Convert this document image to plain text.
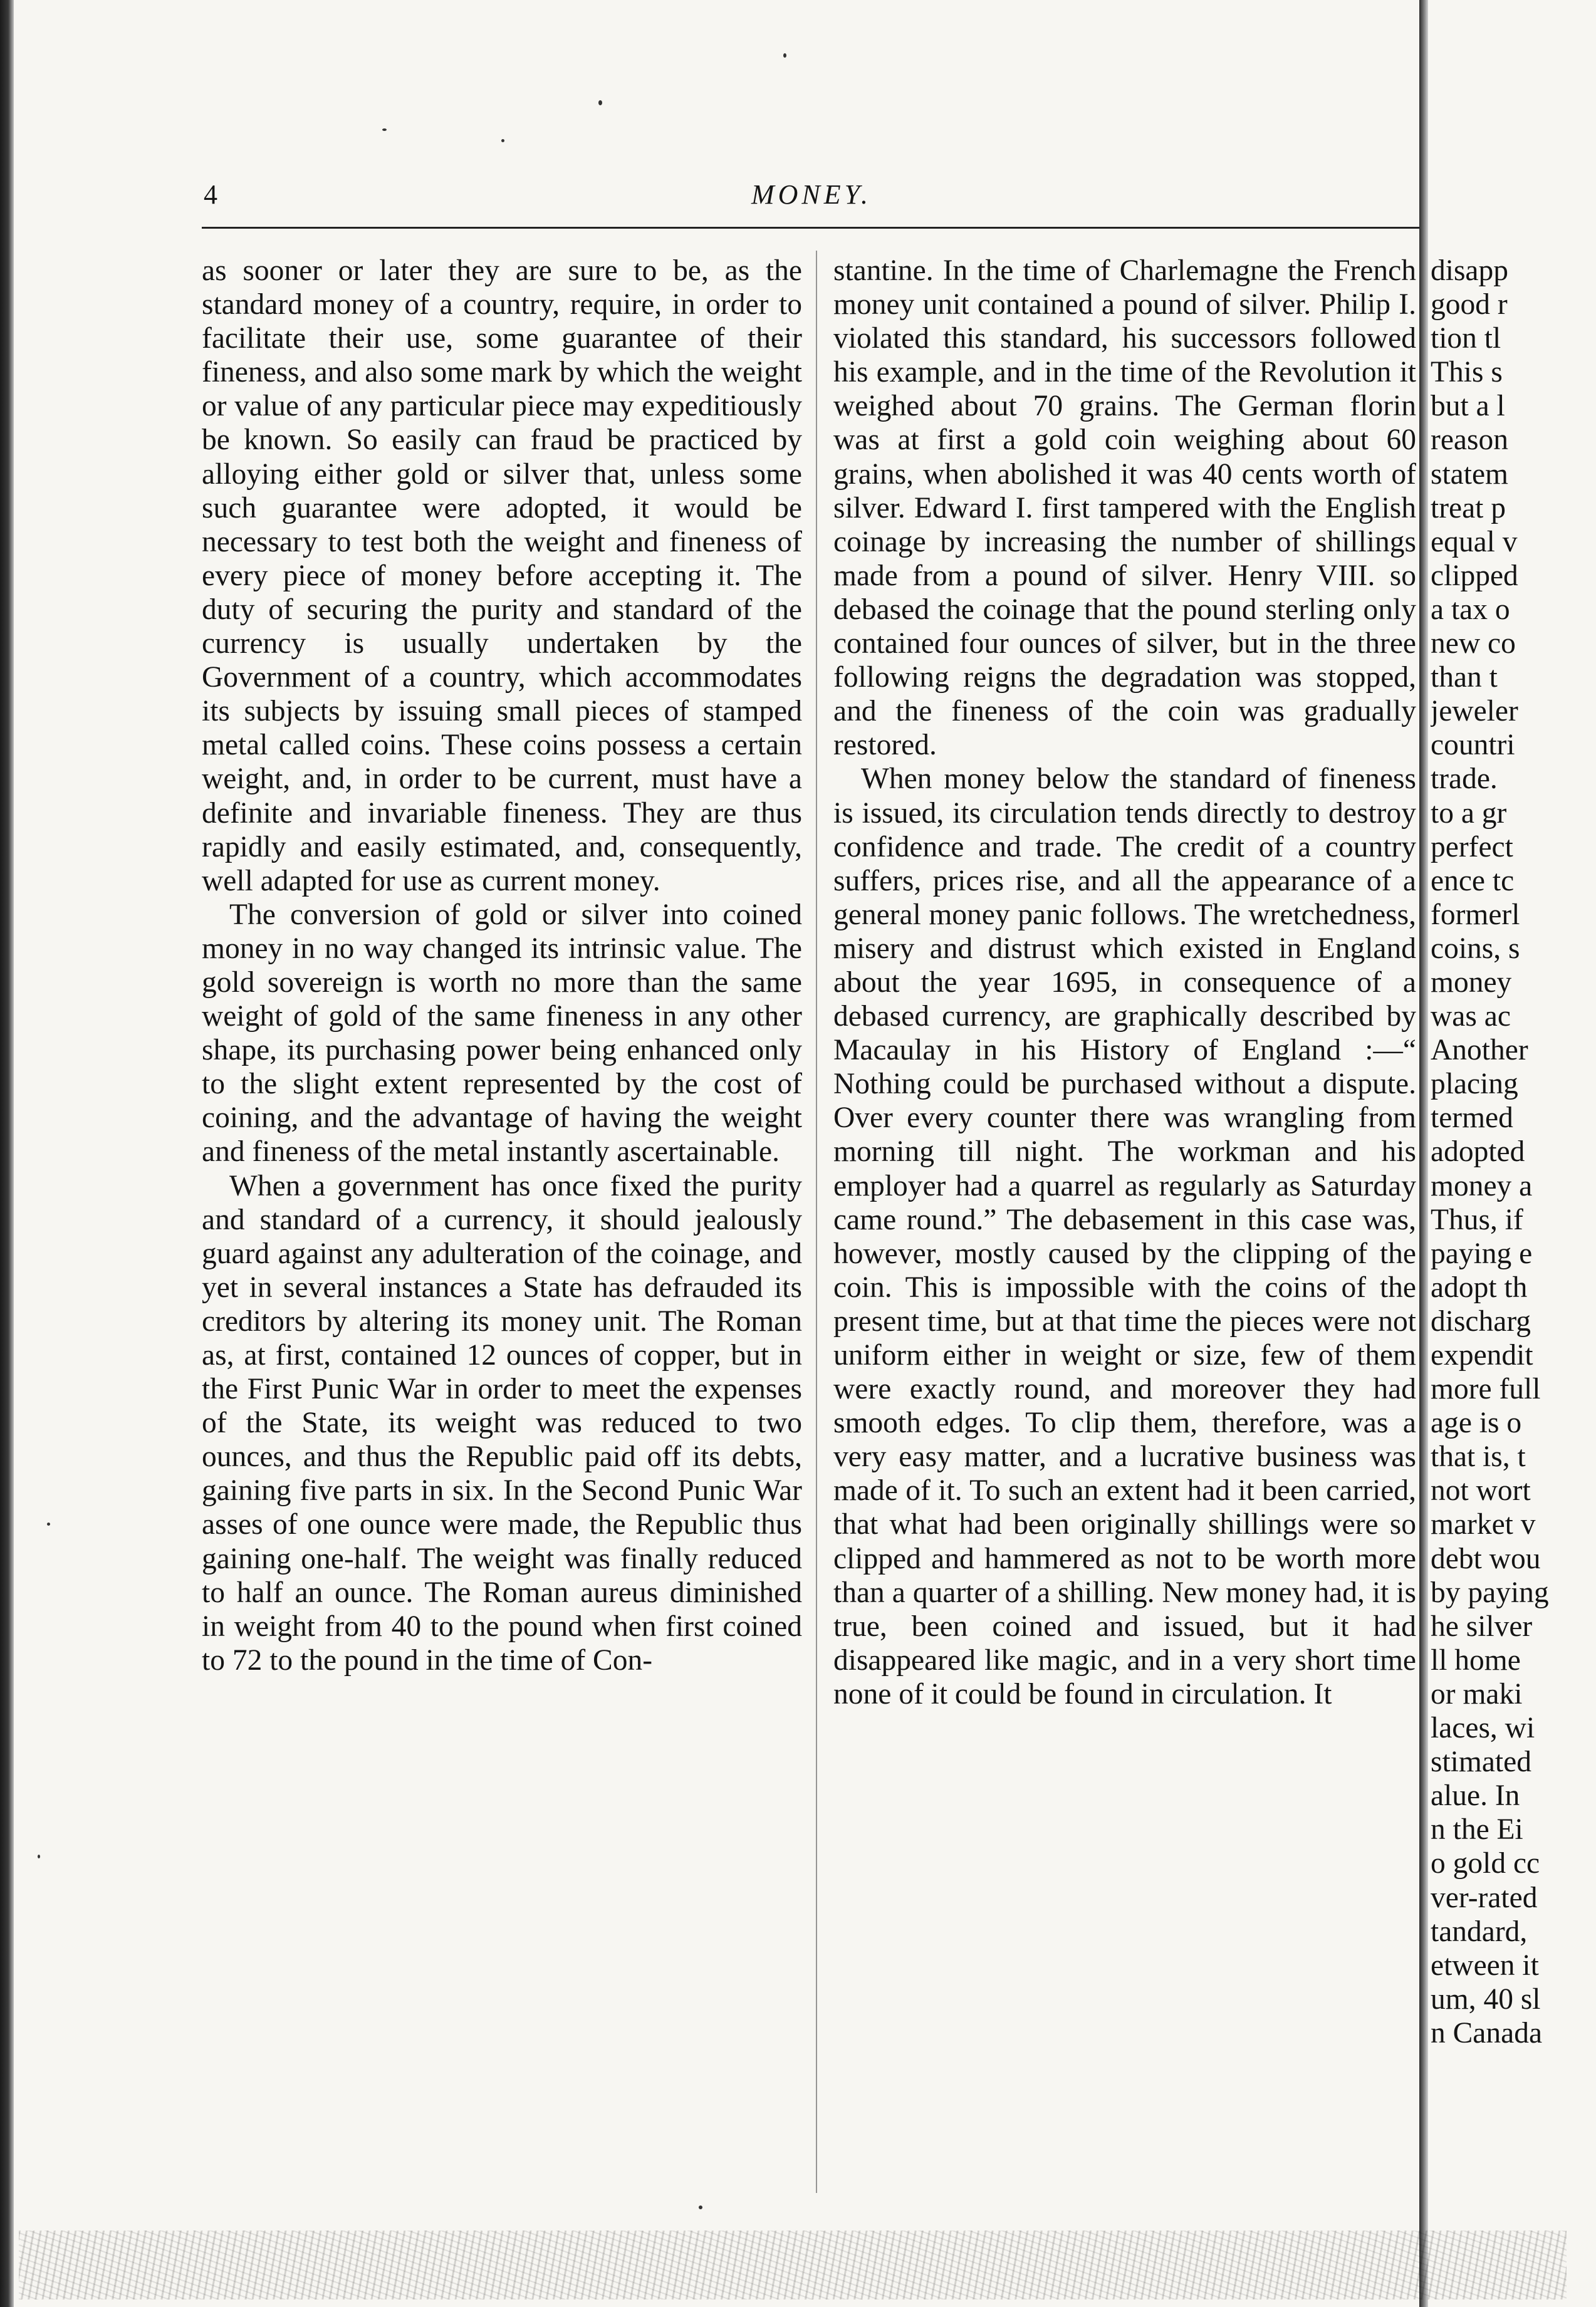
4	MONEY.

as sooner or later they are sure to be, as the standard money of a country, require, in order to facilitate their use, some guarantee of their fineness, and also some mark by which the weight or value of any particular piece may expeditiously be known. So easily can fraud be practiced by alloying either gold or silver that, unless some such guarantee were adopted, it would be necessary to test both the weight and fineness of every piece of money before accepting it. The duty of securing the purity and standard of the currency is usually undertaken by the Government of a country, which accommodates its subjects by issuing small pieces of stamped metal called coins. These coins possess a certain weight, and, in order to be current, must have a definite and invariable fineness. They are thus rapidly and easily estimated, and, consequently, well adapted for use as current money.

The conversion of gold or silver into coined money in no way changed its intrinsic value. The gold sovereign is worth no more than the same weight of gold of the same fineness in any other shape, its purchasing power being enhanced only to the slight extent represented by the cost of coining, and the advantage of having the weight and fineness of the metal instantly ascertainable.

When a government has once fixed the purity and standard of a currency, it should jealously guard against any adulteration of the coinage, and yet in several instances a State has defrauded its creditors by altering its money unit. The Roman as, at first, contained 12 ounces of copper, but in the First Punic War in order to meet the expenses of the State, its weight was reduced to two ounces, and thus the Republic paid off its debts, gaining five parts in six. In the Second Punic War asses of one ounce were made, the Republic thus gaining one-half. The weight was finally reduced to half an ounce. The Roman aureus diminished in weight from 40 to the pound when first coined to 72 to the pound in the time of Con-

stantine. In the time of Charlemagne the French money unit contained a pound of silver. Philip I. violated this standard, his successors followed his example, and in the time of the Revolution it weighed about 70 grains. The German florin was at first a gold coin weighing about 60 grains, when abolished it was 40 cents worth of silver. Edward I. first tampered with the English coinage by increasing the number of shillings made from a pound of silver. Henry VIII. so debased the coinage that the pound sterling only contained four ounces of silver, but in the three following reigns the degradation was stopped, and the fineness of the coin was gradually restored.

When money below the standard of fineness is issued, its circulation tends directly to destroy confidence and trade. The credit of a country suffers, prices rise, and all the appearance of a general money panic follows. The wretchedness, misery and distrust which existed in England about the year 1695, in consequence of a debased currency, are graphically described by Macaulay in his History of England :—“ Nothing could be purchased without a dispute. Over every counter there was wrangling from morning till night. The workman and his employer had a quarrel as regularly as Saturday came round.” The debasement in this case was, however, mostly caused by the clipping of the coin. This is impossible with the coins of the present time, but at that time the pieces were not uniform either in weight or size, few of them were exactly round, and moreover they had smooth edges. To clip them, therefore, was a very easy matter, and a lucrative business was made of it. To such an extent had it been carried, that what had been originally shillings were so clipped and hammered as not to be worth more than a quarter of a shilling. New money had, it is true, been coined and issued, but it had disappeared like magic, and in a very short time none of it could be found in circulation. It

disapp
good r
tion tl
This s
but a l
reason
statem
treat p
equal v
clipped
a tax o
new co
than t
jeweler
countri
trade.
to a gr
perfect
ence tc
formerl
coins, s
money
was ac
Another
placing
termed
adopted
money a
Thus, if
paying e
adopt th
discharg
expendit
more full
age is o
that is, t
not wort
market v
debt wou
by paying
he silver
ll home
or maki
laces, wi
stimated
alue. In
n the Ei
o gold cc
ver-rated
tandard,
etween it
um, 40 sl
n Canada
